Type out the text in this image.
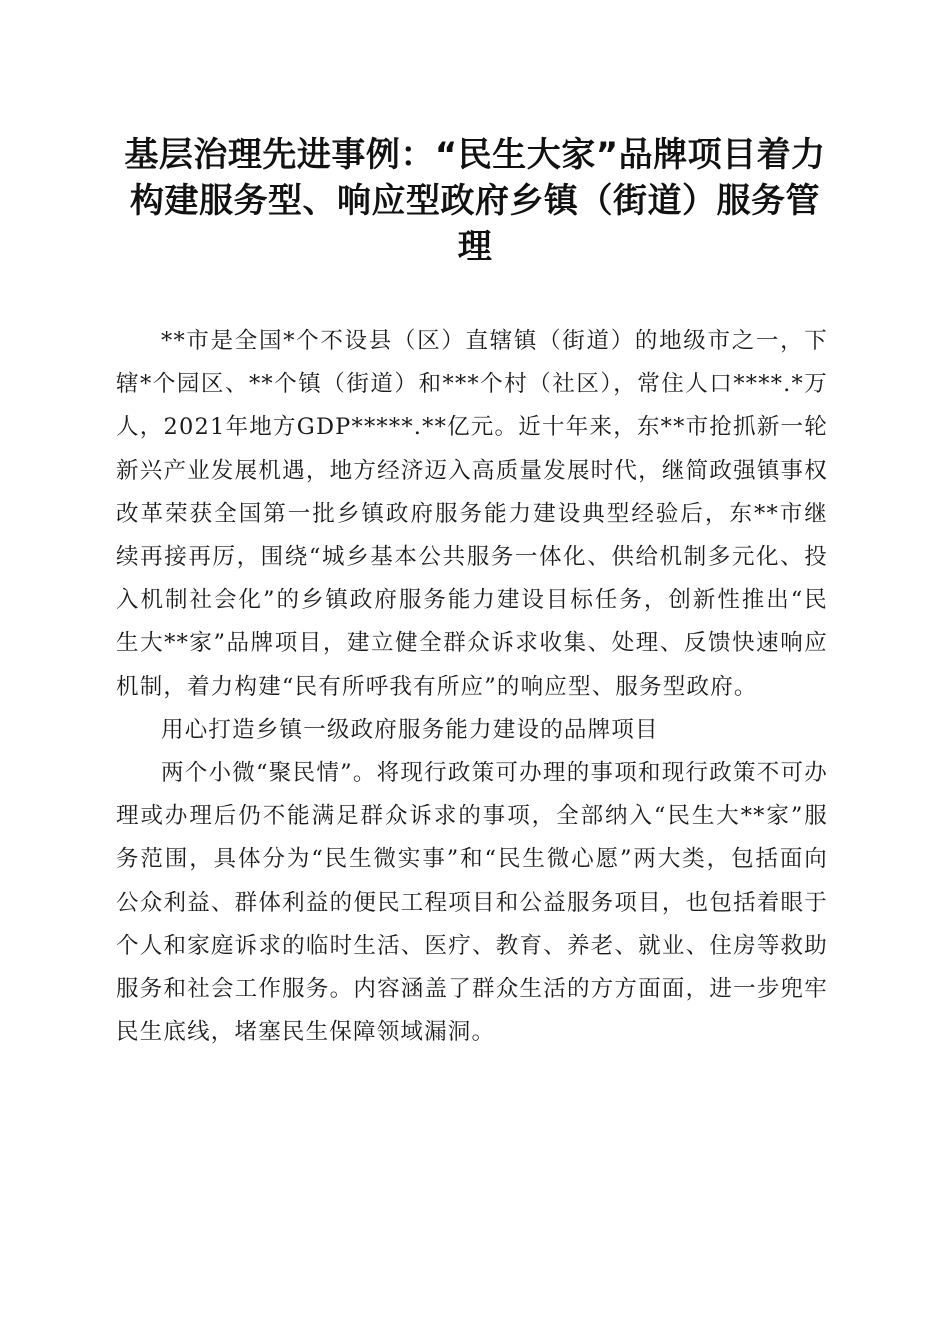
基层治理先进事例：“民生大家”品牌项目着力构建服务型、响应型政府乡镇（街道）服务管理

**市是全国*个不设县（区）直辖镇（街道）的地级市之一，下辖*个园区、**个镇（街道）和***个村（社区），常住人口****.*万人，2021年地方GDP*****.**亿元。近十年来，东**市抢抓新一轮新兴产业发展机遇，地方经济迈入高质量发展时代，继简政强镇事权改革荣获全国第一批乡镇政府服务能力建设典型经验后，东**市继续再接再厉，围绕“城乡基本公共服务一体化、供给机制多元化、投入机制社会化”的乡镇政府服务能力建设目标任务，创新性推出“民生大**家”品牌项目，建立健全群众诉求收集、处理、反馈快速响应机制，着力构建“民有所呼我有所应”的响应型、服务型政府。

用心打造乡镇一级政府服务能力建设的品牌项目

两个小微“聚民情”。将现行政策可办理的事项和现行政策不可办理或办理后仍不能满足群众诉求的事项，全部纳入“民生大**家”服务范围，具体分为“民生微实事”和“民生微心愿”两大类，包括面向公众利益、群体利益的便民工程项目和公益服务项目，也包括着眼于个人和家庭诉求的临时生活、医疗、教育、养老、就业、住房等救助服务和社会工作服务。内容涵盖了群众生活的方方面面，进一步兜牢民生底线，堵塞民生保障领域漏洞。
